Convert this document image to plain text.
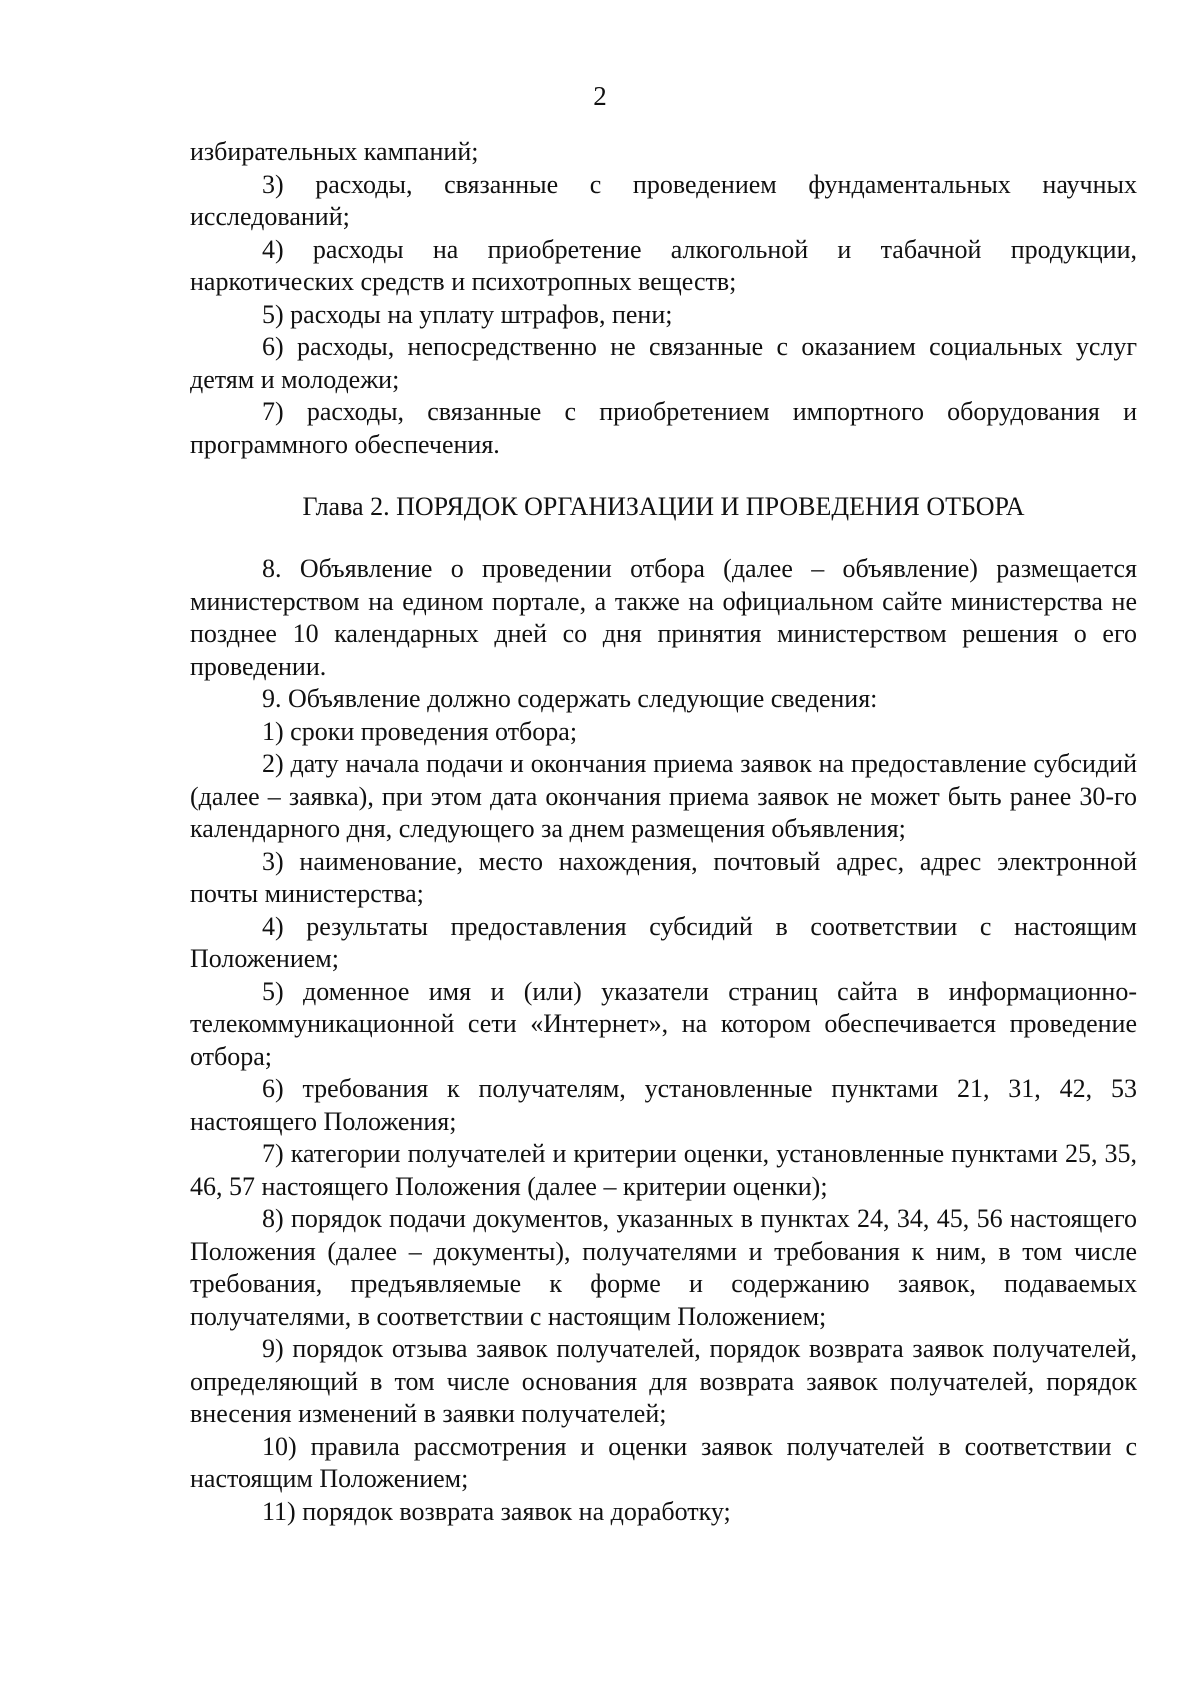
2

избирательных кампаний;

3) расходы, связанные с проведением фундаментальных научных исследований;

4) расходы на приобретение алкогольной и табачной продукции, наркотических средств и психотропных веществ;

5) расходы на уплату штрафов, пени;

6) расходы, непосредственно не связанные с оказанием социальных услуг детям и молодежи;

7) расходы, связанные с приобретением импортного оборудования и программного обеспечения.

Глава 2. ПОРЯДОК ОРГАНИЗАЦИИ И ПРОВЕДЕНИЯ ОТБОРА

8. Объявление о проведении отбора (далее – объявление) размещается министерством на едином портале, а также на официальном сайте министерства не позднее 10 календарных дней со дня принятия министерством решения о его проведении.

9. Объявление должно содержать следующие сведения:

1) сроки проведения отбора;

2) дату начала подачи и окончания приема заявок на предоставление субсидий (далее – заявка), при этом дата окончания приема заявок не может быть ранее 30-го календарного дня, следующего за днем размещения объявления;

3) наименование, место нахождения, почтовый адрес, адрес электронной почты министерства;

4) результаты предоставления субсидий в соответствии с настоящим Положением;

5) доменное имя и (или) указатели страниц сайта в информационно-телекоммуникационной сети «Интернет», на котором обеспечивается проведение отбора;

6) требования к получателям, установленные пунктами 21, 31, 42, 53 настоящего Положения;

7) категории получателей и критерии оценки, установленные пунктами 25, 35, 46, 57 настоящего Положения (далее – критерии оценки);

8) порядок подачи документов, указанных в пунктах 24, 34, 45, 56 настоящего Положения (далее – документы), получателями и требования к ним, в том числе требования, предъявляемые к форме и содержанию заявок, подаваемых получателями, в соответствии с настоящим Положением;

9) порядок отзыва заявок получателей, порядок возврата заявок получателей, определяющий в том числе основания для возврата заявок получателей, порядок внесения изменений в заявки получателей;

10) правила рассмотрения и оценки заявок получателей в соответствии с настоящим Положением;

11) порядок возврата заявок на доработку;
